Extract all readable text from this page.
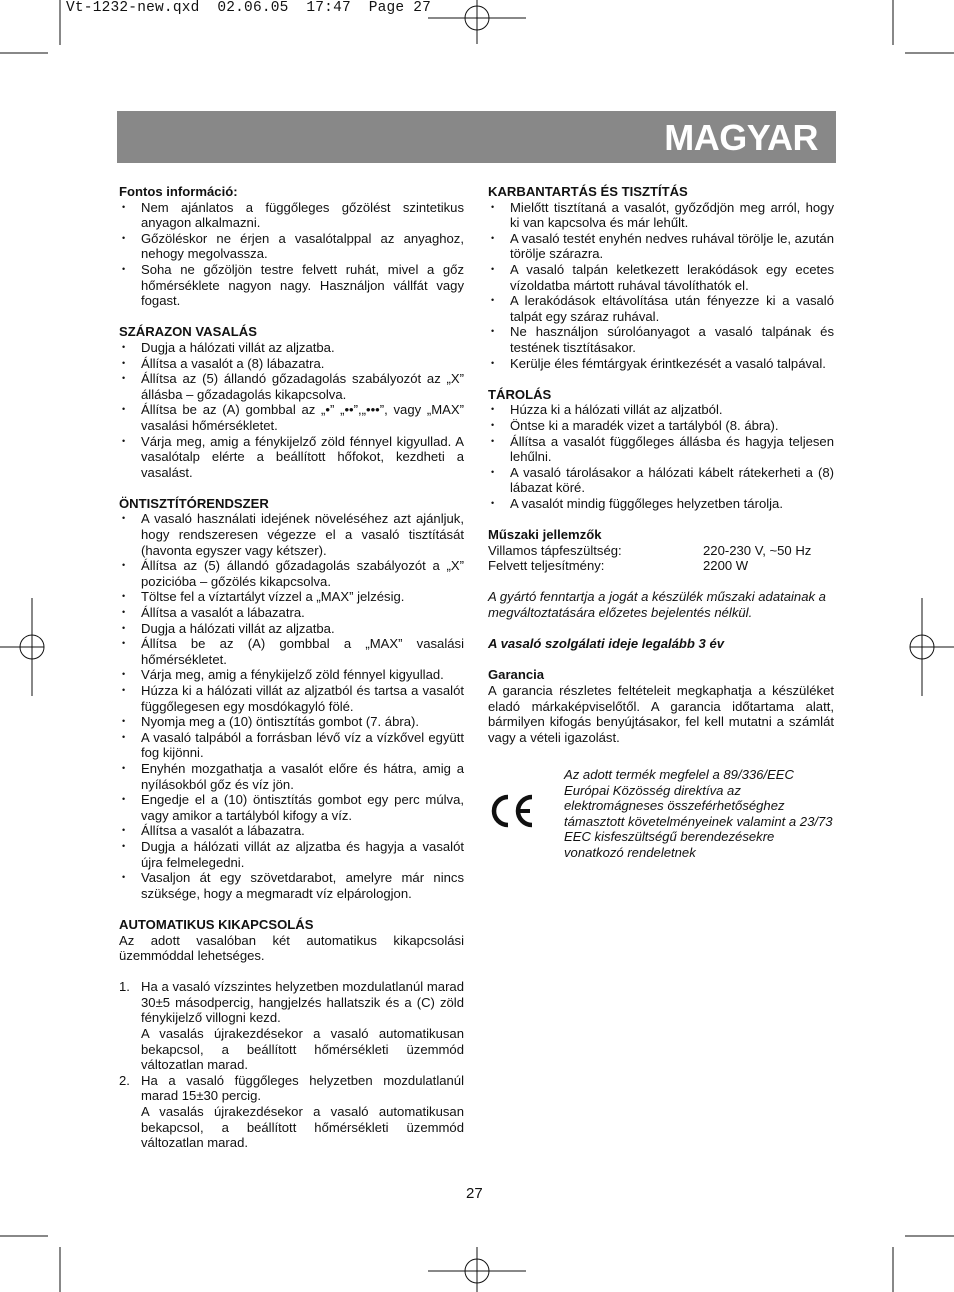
Vt-1232-new.qxd 02.06.05 17:47 Page 27
MAGYAR
Fontos információ:
• Nem ajánlatos a függőleges gőzölést szintetikus anyagon alkalmazni.
• Gőzöléskor ne érjen a vasalótalppal az anyaghoz, nehogy megolvassza.
• Soha ne gőzöljön testre felvett ruhát, mivel a gőz hőmérséklete nagyon nagy. Használjon vállfát vagy fogast.
SZÁRAZON VASALÁS
• Dugja a hálózati villát az aljzatba.
• Állítsa a vasalót a (8) lábazatra.
• Állítsa az (5) állandó gőzadagolás szabályozót az „X” állásba – gőzadagolás kikapcsolva.
• Állítsa be az (A) gombbal az „•” „••”,„•••”, vagy „MAX” vasalási hőmérsékletet.
• Várja meg, amig a fénykijelző zöld fénnyel kigyullad. A vasalótalp elérte a beállított hőfokot, kezdheti a vasalást.
ÖNTISZTÍTÓRENDSZER
• A vasaló használati idejének növeléséhez azt ajánljuk, hogy rendszeresen végezze el a vasaló tisztítását (havonta egyszer vagy kétszer).
• Állítsa az (5) állandó gőzadagolás szabályozót a „X” pozicióba – gőzölés kikapcsolva.
• Töltse fel a víztartályt vízzel a „MAX” jelzésig.
• Állítsa a vasalót a lábazatra.
• Dugja a hálózati villát az aljzatba.
• Állítsa be az (A) gombbal a „MAX” vasalási hőmérsékletet.
• Várja meg, amig a fénykijelző zöld fénnyel kigyullad.
• Húzza ki a hálózati villát az aljzatból és tartsa a vasalót függőlegesen egy mosdókagyló fölé.
• Nyomja meg a (10) öntisztítás gombot (7. ábra).
• A vasaló talpából a forrásban lévő víz a vízkővel együtt fog kijönni.
• Enyhén mozgathatja a vasalót előre és hátra, amig a nyílásokból gőz és víz jön.
• Engedje el a (10) öntisztítás gombot egy perc múlva, vagy amikor a tartályból kifogy a víz.
• Állítsa a vasalót a lábazatra.
• Dugja a hálózati villát az aljzatba és hagyja a vasalót újra felmelegedni.
• Vasaljon át egy szövetdarabot, amelyre már nincs szüksége, hogy a megmaradt víz elpárologjon.
AUTOMATIKUS KIKAPCSOLÁS

Az adott vasalóban két automatikus kikapcsolási üzemmóddal lehetséges.

1. Ha a vasaló vízszintes helyzetben mozdulatlanúl marad 30±5 másodpercig, hangjelzés hallatszik és a (C) zöld fénykijelző villogni kezd.
A vasalás újrakezdésekor a vasaló automatikusan bekapcsol, a beállított hőmérsékleti üzemmód változatlan marad.
2. Ha a vasaló függőleges helyzetben mozdulatlanúl marad 15±30 percig.
A vasalás újrakezdésekor a vasaló automatikusan bekapcsol, a beállított hőmérsékleti üzemmód változatlan marad.
KARBANTARTÁS ÉS TISZTÍTÁS
• Mielőtt tisztítaná a vasalót, győződjön meg arról, hogy ki van kapcsolva és már lehűlt.
• A vasaló testét enyhén nedves ruhával törölje le, azután törölje szárazra.
• A vasaló talpán keletkezett lerakódások egy ecetes vízoldatba mártott ruhával távolíthatók el.
• A lerakódások eltávolítása után fényezze ki a vasaló talpát egy száraz ruhával.
• Ne használjon súrolóanyagot a vasaló talpának és testének tisztításakor.
• Kerülje éles fémtárgyak érintkezését a vasaló talpával.
TÁROLÁS
• Húzza ki a hálózati villát az aljzatból.
• Öntse ki a maradék vizet a tartályból (8. ábra).
• Állítsa a vasalót függőleges állásba és hagyja teljesen lehűlni.
• A vasaló tárolásakor a hálózati kábelt rátekerheti a (8) lábazat köré.
• A vasalót mindig függőleges helyzetben tárolja.
Műszaki jellemzők
Villamos tápfeszültség:	220-230 V, ~50 Hz
Felvett teljesítmény:	2200 W

A gyártó fenntartja a jogát a készülék műszaki adatainak a megváltoztatására előzetes bejelentés nélkül.

A vasaló szolgálati ideje legalább 3 év

Garancia

A garancia részletes feltételeit megkaphatja a készüléket eladó márkaképviselőtől. A garancia időtartama alatt, bármilyen kifogás benyújtásakor, fel kell mutatni a számlát vagy a vételi igazolást.

Az adott termék megfelel a 89/336/EEC Európai Közösség direktíva az elektromágneses összeférhetőséghez támasztott követelményeinek valamint a 23/73 EEC kisfeszültségű berendezésekre vonatkozó rendeletnek
27
